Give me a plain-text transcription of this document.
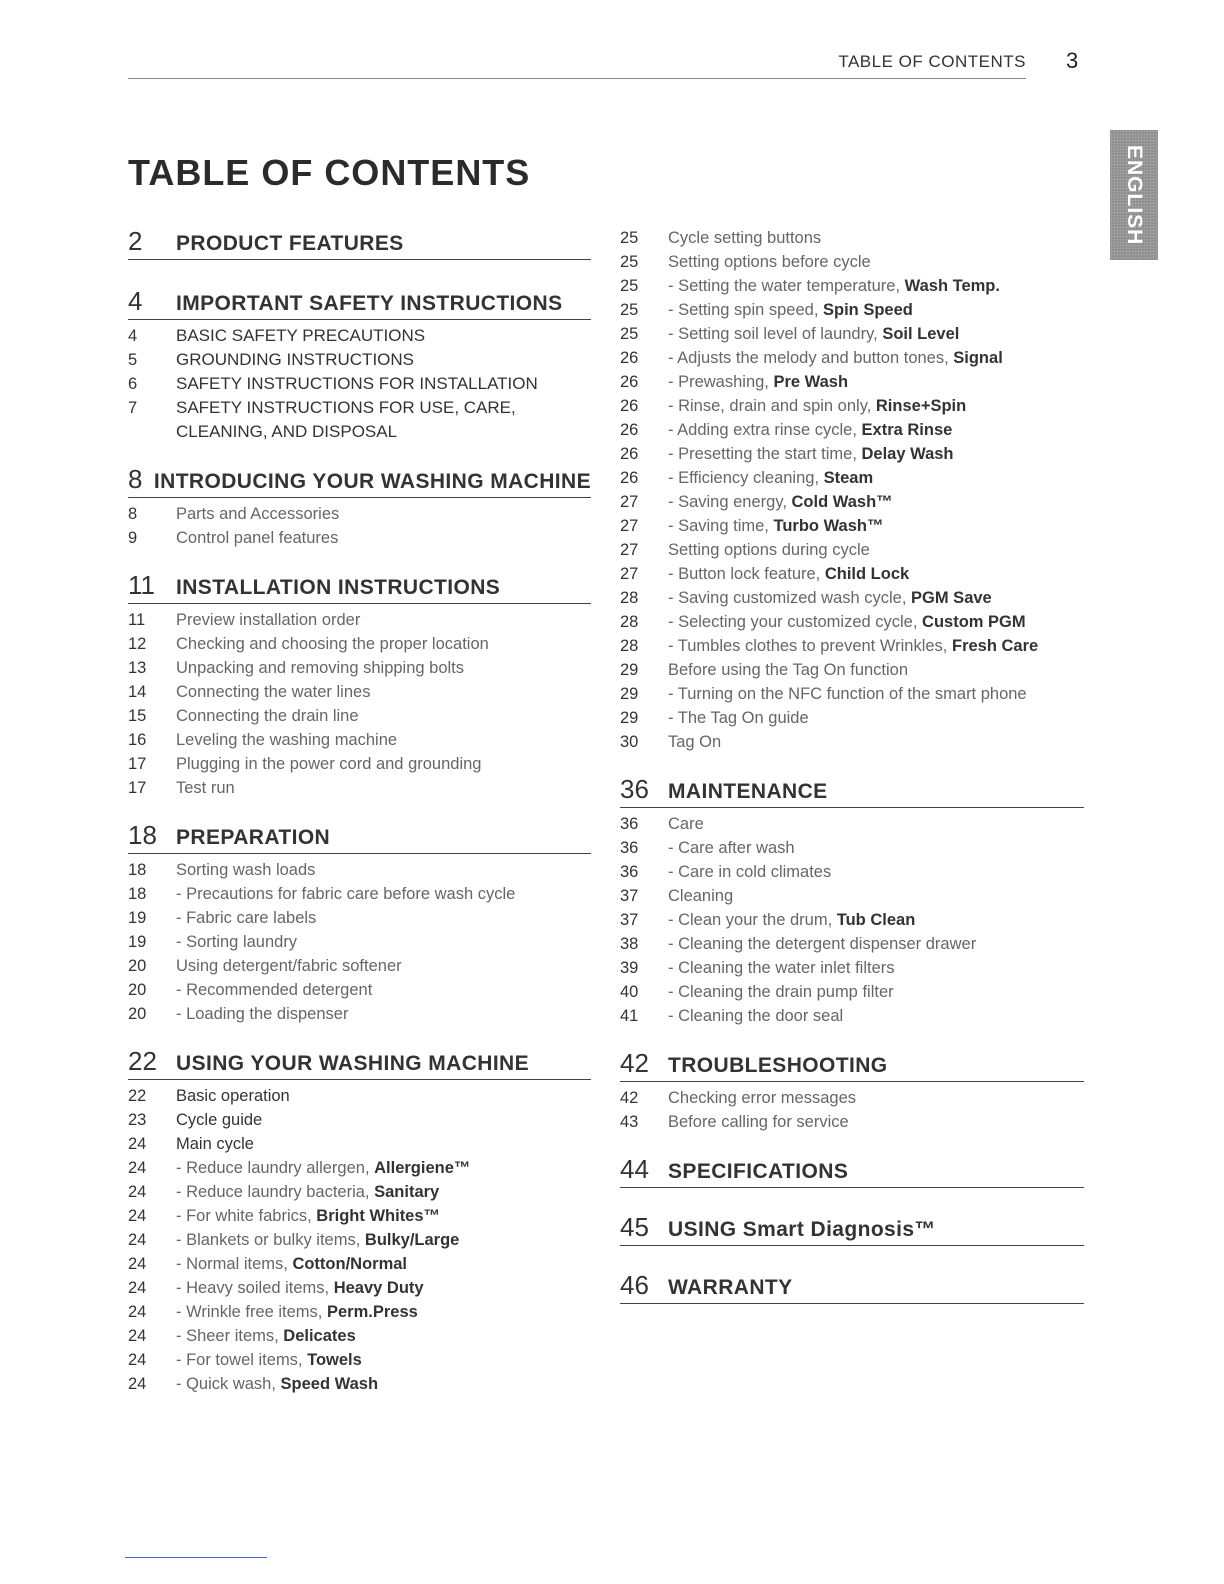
TABLE OF CONTENTS 3
ENGLISH
TABLE OF CONTENTS
2	PRODUCT FEATURES
4	IMPORTANT SAFETY INSTRUCTIONS
4	BASIC SAFETY PRECAUTIONS
5	GROUNDING INSTRUCTIONS
6	SAFETY INSTRUCTIONS FOR INSTALLATION
7	SAFETY INSTRUCTIONS FOR USE, CARE,
CLEANING, AND DISPOSAL
8 INTRODUCING YOUR WASHING MACHINE
8	Parts and Accessories
9	Control panel features
11	INSTALLATION INSTRUCTIONS
11	Preview installation order
12	Checking and choosing the proper location
13	Unpacking and removing shipping bolts
14	Connecting the water lines
15	Connecting the drain line
16	Leveling the washing machine
17	Plugging in the power cord and grounding
17	Test run
18 PREPARATION
18	Sorting wash loads
18	- Precautions for fabric care before wash cycle
19	- Fabric care labels
19	- Sorting laundry
20	Using detergent/fabric softener
20	- Recommended detergent
20	- Loading the dispenser
22 USING YOUR WASHING MACHINE
22	Basic operation
23	Cycle guide
24	Main cycle
24	- Reduce laundry allergen, Allergiene™
24	- Reduce laundry bacteria, Sanitary
24	- For white fabrics, Bright Whites™
24	- Blankets or bulky items, Bulky/Large
24	- Normal items, Cotton/Normal
24	- Heavy soiled items, Heavy Duty
24	- Wrinkle free items, Perm.Press
24	- Sheer items, Delicates
24	- For towel items, Towels
24	- Quick wash, Speed Wash
25	Cycle setting buttons
25	Setting options before cycle
25	- Setting the water temperature, Wash Temp.
25	- Setting spin speed, Spin Speed
25	- Setting soil level of laundry, Soil Level
26	- Adjusts the melody and button tones, Signal
26	- Prewashing, Pre Wash
26	- Rinse, drain and spin only, Rinse+Spin
26	- Adding extra rinse cycle, Extra Rinse
26	- Presetting the start time, Delay Wash
26	- Efficiency cleaning, Steam
27	- Saving energy, Cold Wash™
27	- Saving time, Turbo Wash™
27	Setting options during cycle
27	- Button lock feature, Child Lock
28	- Saving customized wash cycle, PGM Save
28	- Selecting your customized cycle, Custom PGM
28	- Tumbles clothes to prevent Wrinkles, Fresh Care
29	Before using the Tag On function
29	- Turning on the NFC function of the smart phone
29	- The Tag On guide
30	Tag On
36 MAINTENANCE
36	Care
36	- Care after wash
36	- Care in cold climates
37	Cleaning
37	- Clean your the drum, Tub Clean
38	- Cleaning the detergent dispenser drawer
39	- Cleaning the water inlet filters
40	- Cleaning the drain pump filter
41	- Cleaning the door seal
42 TROUBLESHOOTING
42	Checking error messages
43	Before calling for service
44 SPECIFICATIONS
45 USING Smart Diagnosis™
46 WARRANTY
